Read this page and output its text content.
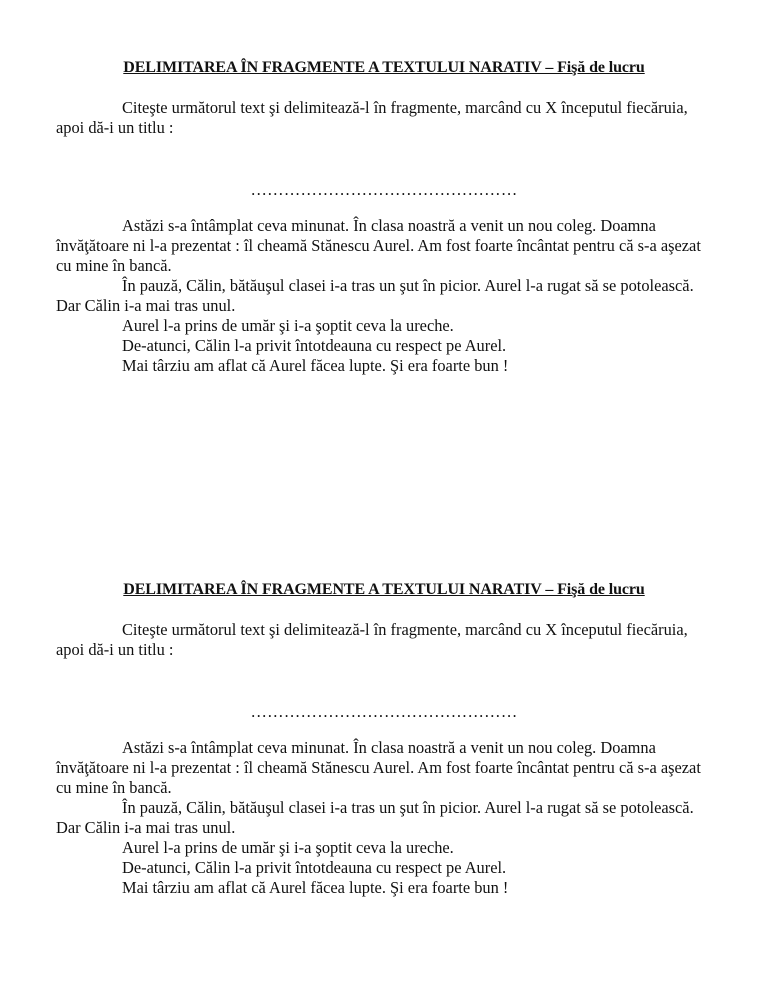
DELIMITAREA ÎN FRAGMENTE A TEXTULUI NARATIV – Fişă de lucru

Citeşte următorul text şi delimitează-l în fragmente, marcând cu X începutul fiecăruia, apoi dă-i un titlu :

…………………………………………

Astăzi s-a întâmplat ceva minunat. În clasa noastră a venit un nou coleg. Doamna învăţătoare ni l-a prezentat : îl cheamă Stănescu Aurel. Am fost foarte încântat pentru că s-a aşezat cu mine în bancă.

În pauză, Călin, bătăuşul clasei i-a tras un şut în picior. Aurel l-a rugat să se potolească. Dar Călin i-a mai tras unul.

Aurel l-a prins de umăr şi i-a şoptit ceva la ureche.

De-atunci, Călin l-a privit întotdeauna cu respect pe Aurel.

Mai târziu am aflat că Aurel făcea lupte. Şi era foarte bun !

DELIMITAREA ÎN FRAGMENTE A TEXTULUI NARATIV – Fişă de lucru

Citeşte următorul text şi delimitează-l în fragmente, marcând cu X începutul fiecăruia, apoi dă-i un titlu :

…………………………………………

Astăzi s-a întâmplat ceva minunat. În clasa noastră a venit un nou coleg. Doamna învăţătoare ni l-a prezentat : îl cheamă Stănescu Aurel. Am fost foarte încântat pentru că s-a aşezat cu mine în bancă.

În pauză, Călin, bătăuşul clasei i-a tras un şut în picior. Aurel l-a rugat să se potolească. Dar Călin i-a mai tras unul.

Aurel l-a prins de umăr şi i-a şoptit ceva la ureche.

De-atunci, Călin l-a privit întotdeauna cu respect pe Aurel.

Mai târziu am aflat că Aurel făcea lupte. Şi era foarte bun !
